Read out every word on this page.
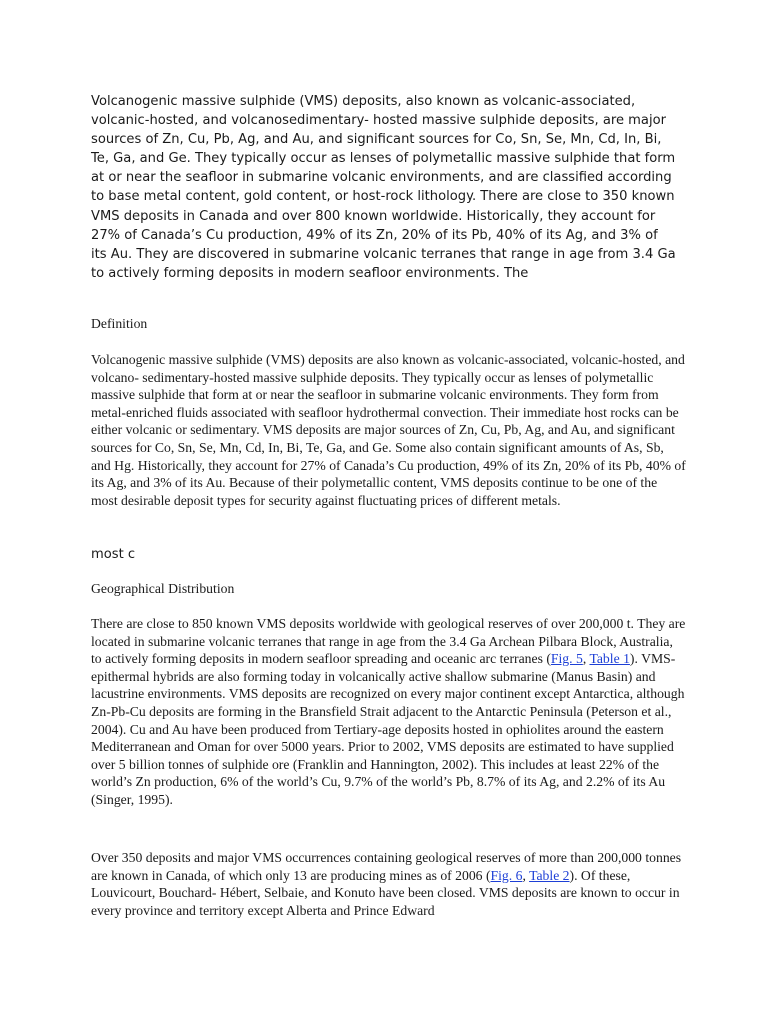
Volcanogenic massive sulphide (VMS) deposits, also known as volcanic-associated, volcanic-hosted, and volcanosedimentary- hosted massive sulphide deposits, are major sources of Zn, Cu, Pb, Ag, and Au, and significant sources for Co, Sn, Se, Mn, Cd, In, Bi, Te, Ga, and Ge. They typically occur as lenses of polymetallic massive sulphide that form at or near the seafloor in submarine volcanic environments, and are classified according to base metal content, gold content, or host-rock lithology. There are close to 350 known VMS deposits in Canada and over 800 known worldwide. Historically, they account for 27% of Canada’s Cu production, 49% of its Zn, 20% of its Pb, 40% of its Ag, and 3% of its Au. They are discovered in submarine volcanic terranes that range in age from 3.4 Ga to actively forming deposits in modern seafloor environments. The

Definition

Volcanogenic massive sulphide (VMS) deposits are also known as volcanic-associated, volcanic-hosted, and volcano- sedimentary-hosted massive sulphide deposits. They typically occur as lenses of polymetallic massive sulphide that form at or near the seafloor in submarine volcanic environments. They form from metal-enriched fluids associated with seafloor hydrothermal convection. Their immediate host rocks can be either volcanic or sedimentary. VMS deposits are major sources of Zn, Cu, Pb, Ag, and Au, and significant sources for Co, Sn, Se, Mn, Cd, In, Bi, Te, Ga, and Ge. Some also contain significant amounts of As, Sb, and Hg. Historically, they account for 27% of Canada’s Cu production, 49% of its Zn, 20% of its Pb, 40% of its Ag, and 3% of its Au. Because of their polymetallic content, VMS deposits continue to be one of the most desirable deposit types for security against fluctuating prices of different metals.

most c

Geographical Distribution

There are close to 850 known VMS deposits worldwide with geological reserves of over 200,000 t. They are located in submarine volcanic terranes that range in age from the 3.4 Ga Archean Pilbara Block, Australia, to actively forming deposits in modern seafloor spreading and oceanic arc terranes (Fig. 5, Table 1). VMS-epithermal hybrids are also forming today in volcanically active shallow submarine (Manus Basin) and lacustrine environments. VMS deposits are recognized on every major continent except Antarctica, although Zn-Pb-Cu deposits are forming in the Bransfield Strait adjacent to the Antarctic Peninsula (Peterson et al., 2004). Cu and Au have been produced from Tertiary-age deposits hosted in ophiolites around the eastern Mediterranean and Oman for over 5000 years. Prior to 2002, VMS deposits are estimated to have supplied over 5 billion tonnes of sulphide ore (Franklin and Hannington, 2002). This includes at least 22% of the world’s Zn production, 6% of the world’s Cu, 9.7% of the world’s Pb, 8.7% of its Ag, and 2.2% of its Au (Singer, 1995).

Over 350 deposits and major VMS occurrences containing geological reserves of more than 200,000 tonnes are known in Canada, of which only 13 are producing mines as of 2006 (Fig. 6, Table 2). Of these, Louvicourt, Bouchard- Hébert, Selbaie, and Konuto have been closed. VMS deposits are known to occur in every province and territory except Alberta and Prince Edward
